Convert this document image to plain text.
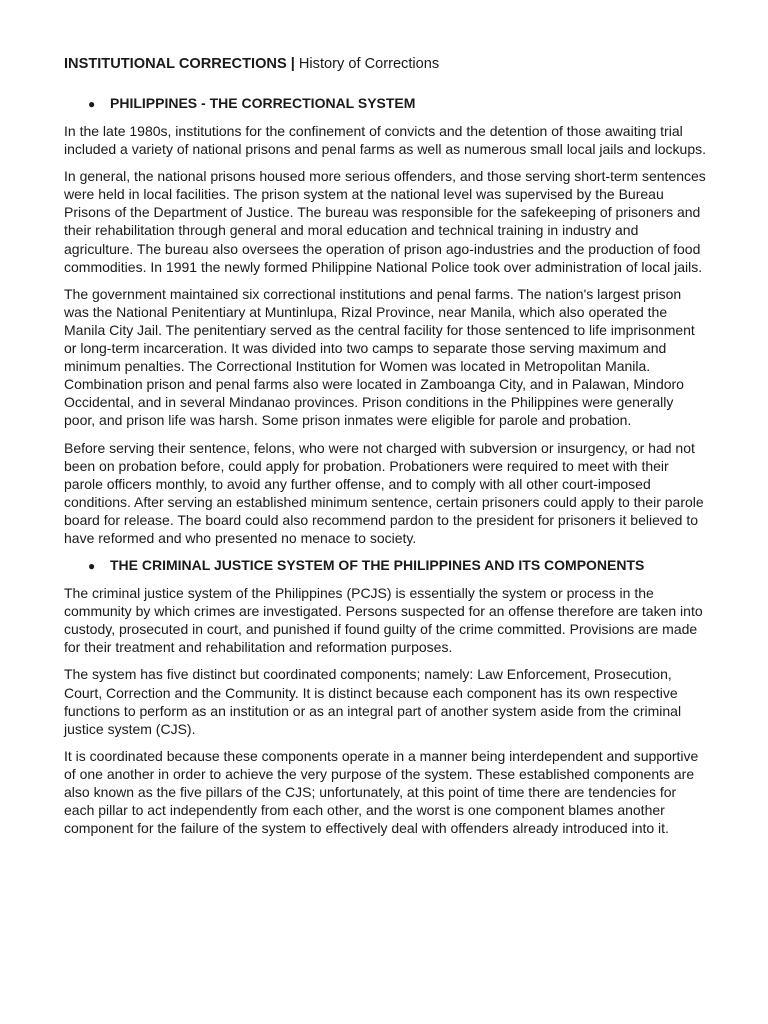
INSTITUTIONAL CORRECTIONS | History of Corrections
●	PHILIPPINES - THE CORRECTIONAL SYSTEM

In the late 1980s, institutions for the confinement of convicts and the detention of those awaiting trial included a variety of national prisons and penal farms as well as numerous small local jails and lockups.

In general, the national prisons housed more serious offenders, and those serving short-term sentences were held in local facilities. The prison system at the national level was supervised by the Bureau Prisons of the Department of Justice. The bureau was responsible for the safekeeping of prisoners and their rehabilitation through general and moral education and technical training in industry and agriculture. The bureau also oversees the operation of prison ago-industries and the production of food commodities. In 1991 the newly formed Philippine National Police took over administration of local jails.

The government maintained six correctional institutions and penal farms. The nation's largest prison was the National Penitentiary at Muntinlupa, Rizal Province, near Manila, which also operated the Manila City Jail. The penitentiary served as the central facility for those sentenced to life imprisonment or long-term incarceration. It was divided into two camps to separate those serving maximum and minimum penalties. The Correctional Institution for Women was located in Metropolitan Manila. Combination prison and penal farms also were located in Zamboanga City, and in Palawan, Mindoro Occidental, and in several Mindanao provinces. Prison conditions in the Philippines were generally poor, and prison life was harsh. Some prison inmates were eligible for parole and probation.

Before serving their sentence, felons, who were not charged with subversion or insurgency, or had not been on probation before, could apply for probation. Probationers were required to meet with their parole officers monthly, to avoid any further offense, and to comply with all other court-imposed conditions. After serving an established minimum sentence, certain prisoners could apply to their parole board for release. The board could also recommend pardon to the president for prisoners it believed to have reformed and who presented no menace to society.

●	THE CRIMINAL JUSTICE SYSTEM OF THE PHILIPPINES AND ITS COMPONENTS

The criminal justice system of the Philippines (PCJS) is essentially the system or process in the community by which crimes are investigated. Persons suspected for an offense therefore are taken into custody, prosecuted in court, and punished if found guilty of the crime committed. Provisions are made for their treatment and rehabilitation and reformation purposes.

The system has five distinct but coordinated components; namely: Law Enforcement, Prosecution, Court, Correction and the Community. It is distinct because each component has its own respective functions to perform as an institution or as an integral part of another system aside from the criminal justice system (CJS).

It is coordinated because these components operate in a manner being interdependent and supportive of one another in order to achieve the very purpose of the system. These established components are also known as the five pillars of the CJS; unfortunately, at this point of time there are tendencies for each pillar to act independently from each other, and the worst is one component blames another component for the failure of the system to effectively deal with offenders already introduced into it.
